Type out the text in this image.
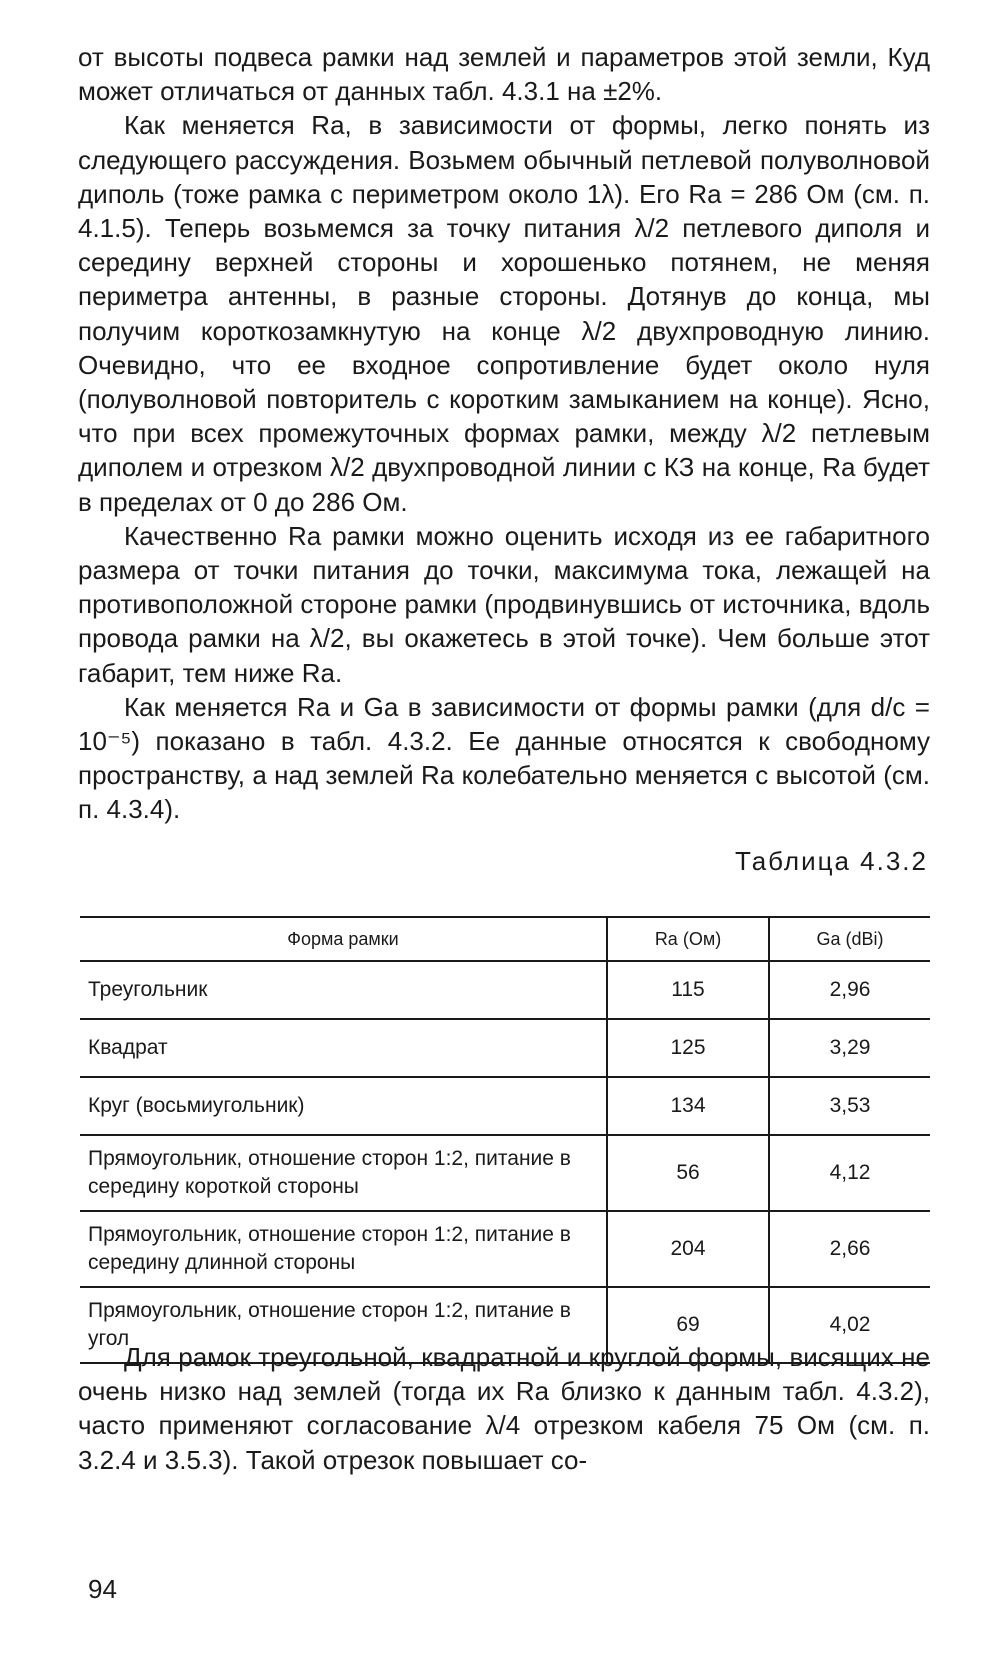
от высоты подвеса рамки над землей и параметров этой земли, Куд может отличаться от данных табл. 4.3.1 на ±2%.

Как меняется Ra, в зависимости от формы, легко понять из следующего рассуждения. Возьмем обычный петлевой полуволновой диполь (тоже рамка с периметром около 1λ). Его Ra = 286 Ом (см. п. 4.1.5). Теперь возьмемся за точку питания λ/2 петлевого диполя и середину верхней стороны и хорошенько потянем, не меняя периметра антенны, в разные стороны. Дотянув до конца, мы получим короткозамкнутую на конце λ/2 двухпроводную линию. Очевидно, что ее входное сопротивление будет около нуля (полуволновой повторитель с коротким замыканием на конце). Ясно, что при всех промежуточных формах рамки, между λ/2 петлевым диполем и отрезком λ/2 двухпроводной линии с КЗ на конце, Ra будет в пределах от 0 до 286 Ом.

Качественно Ra рамки можно оценить исходя из ее габаритного размера от точки питания до точки, максимума тока, лежащей на противоположной стороне рамки (продвинувшись от источника, вдоль провода рамки на λ/2, вы окажетесь в этой точке). Чем больше этот габарит, тем ниже Ra.

Как меняется Ra и Ga в зависимости от формы рамки (для d/c = 10⁻⁵) показано в табл. 4.3.2. Ее данные относятся к свободному пространству, а над землей Ra колебательно меняется с высотой (см. п. 4.3.4).

Таблица 4.3.2
Форма рамки	Ra (Ом)	Ga (dBi)
Треугольник	115	2,96
Квадрат	125	3,29
Круг (восьмиугольник)	134	3,53
Прямоугольник, отношение сторон 1:2, питание в середину короткой стороны	56	4,12
Прямоугольник, отношение сторон 1:2, питание в середину длинной стороны	204	2,66
Прямоугольник, отношение сторон 1:2, питание в угол	69	4,02

Для рамок треугольной, квадратной и круглой формы, висящих не очень низко над землей (тогда их Ra близко к данным табл. 4.3.2), часто применяют согласование λ/4 отрезком кабеля 75 Ом (см. п. 3.2.4 и 3.5.3). Такой отрезок повышает со-

94
